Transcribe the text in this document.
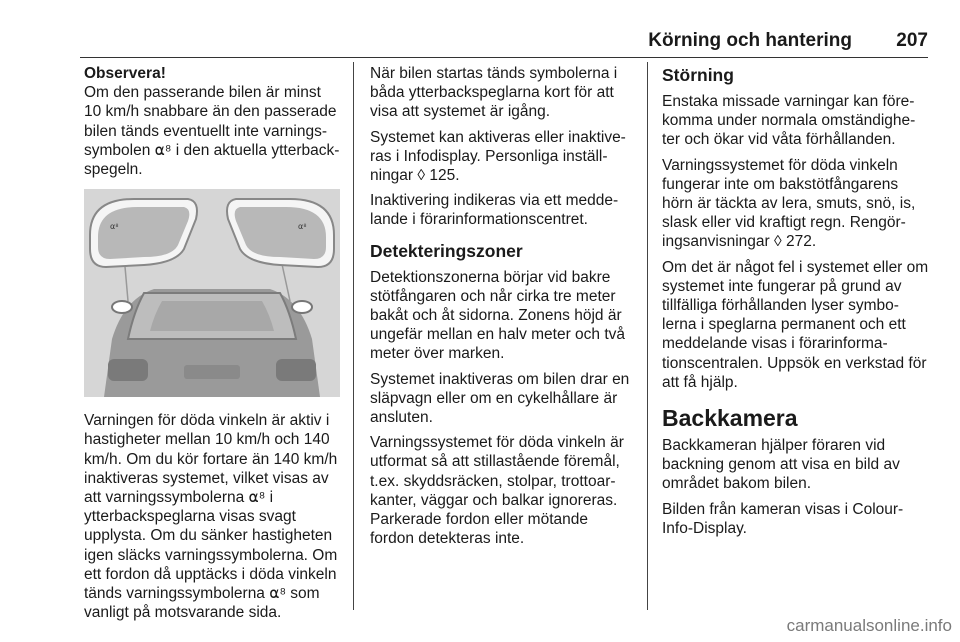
Körning och hantering 207
Observera!
Om den passerande bilen är minst 10 km/h snabbare än den passerade bilen tänds eventuellt inte varnings-symbolen ⍺⁸ i den aktuella ytterback-spegeln.
⍺⁸	⍺⁸

Varningen för döda vinkeln är aktiv i hastigheter mellan 10 km/h och 140 km/h. Om du kör fortare än 140 km/h inaktiveras systemet, vilket visas av att varningssymbolerna ⍺⁸ i ytterbackspeglarna visas svagt upplysta. Om du sänker hastigheten igen släcks varningssymbolerna. Om ett fordon då upptäcks i döda vinkeln tänds varningssymbolerna ⍺⁸ som vanligt på motsvarande sida.

När bilen startas tänds symbolerna i båda ytterbackspeglarna kort för att visa att systemet är igång.

Systemet kan aktiveras eller inaktive-ras i Infodisplay. Personliga inställ-ningar ◊ 125.

Inaktivering indikeras via ett medde-lande i förarinformationscentret.

Detekteringszoner

Detektionszonerna börjar vid bakre stötfångaren och når cirka tre meter bakåt och åt sidorna. Zonens höjd är ungefär mellan en halv meter och två meter över marken.

Systemet inaktiveras om bilen drar en släpvagn eller om en cykelhållare är ansluten.

Varningssystemet för döda vinkeln är utformat så att stillastående föremål, t.ex. skyddsräcken, stolpar, trottoar-kanter, väggar och balkar ignoreras. Parkerade fordon eller mötande fordon detekteras inte.

Störning

Enstaka missade varningar kan före-komma under normala omständighe-ter och ökar vid våta förhållanden.

Varningssystemet för döda vinkeln fungerar inte om bakstötfångarens hörn är täckta av lera, smuts, snö, is, slask eller vid kraftigt regn. Rengör-ingsanvisningar ◊ 272.

Om det är något fel i systemet eller om systemet inte fungerar på grund av tillfälliga förhållanden lyser symbo-lerna i speglarna permanent och ett meddelande visas i förarinforma-tionscentralen. Uppsök en verkstad för att få hjälp.

Backkamera

Backkameran hjälper föraren vid backning genom att visa en bild av området bakom bilen.

Bilden från kameran visas i Colour-Info-Display.

carmanualsonline.info
